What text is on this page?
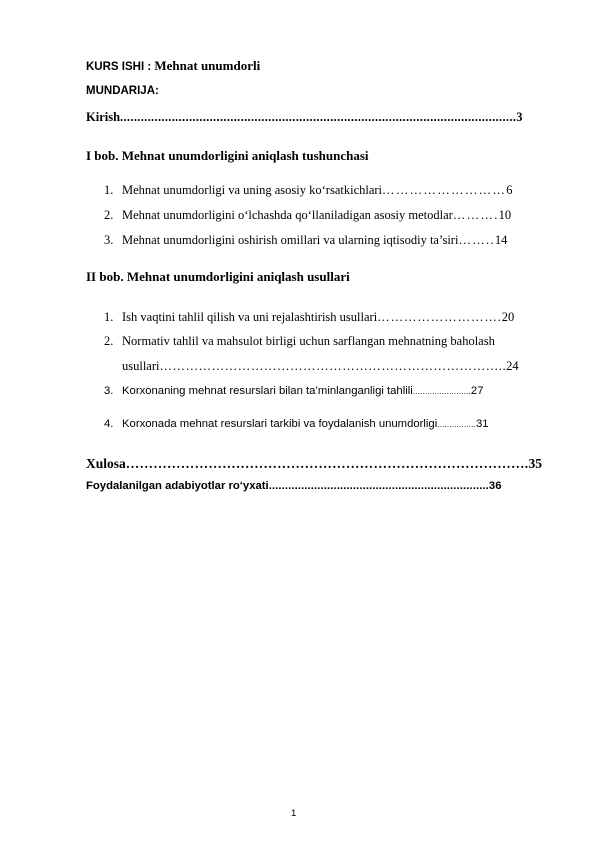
KURS ISHI : Mehnat unumdorli
MUNDARIJA:
Kirish...................................................................................................................3
I bob. Mehnat unumdorligini aniqlash tushunchasi
1. Mehnat unumdorligi va uning asosiy ko‘rsatkichlari………………………6
2. Mehnat unumdorligini o‘lchashda qo‘llaniladigan asosiy metodlar……….10
3. Mehnat unumdorligini oshirish omillari va ularning iqtisodiy ta’siri……..14
II bob. Mehnat unumdorligini aniqlash usullari
1. Ish vaqtini tahlil qilish va uni rejalashtirish usullari……………………….20
2. Normativ tahlil va mahsulot birligi uchun sarflangan mehnatning baholash
usullari……………………………………………………………………..24
3. Korxonaning mehnat resurslari bilan ta’minlanganligi tahlili........................27
4. Korxonada mehnat resurslari tarkibi va foydalanish unumdorligi................31
Xulosa…………………………………………………………………………….35
Foydalanilgan adabiyotlar ro‘yxati....................................................................36
1
